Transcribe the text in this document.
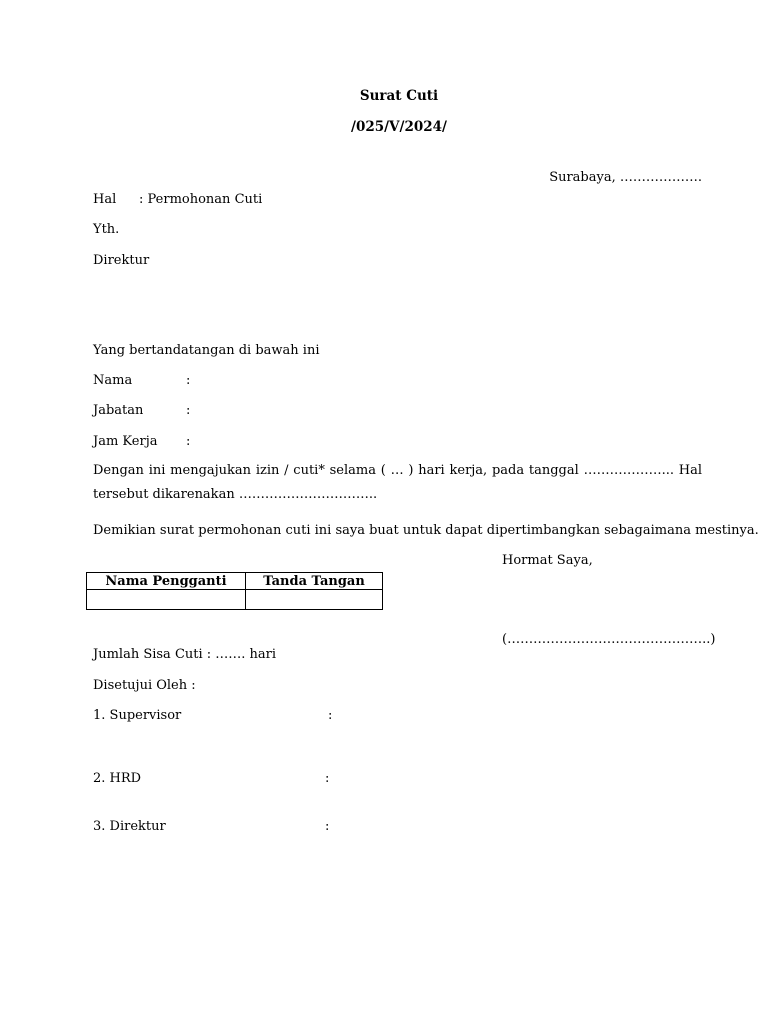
Surat Cuti
/025/V/2024/
Surabaya, ……………….
Hal : Permohonan Cuti
Yth.
Direktur
Yang bertandatangan di bawah ini
Nama	:
Jabatan	:
Jam Kerja :
Dengan ini mengajukan izin / cuti* selama ( … ) hari kerja, pada tanggal ………………... Hal tersebut dikarenakan …………………………..
Demikian surat permohonan cuti ini saya buat untuk dapat dipertimbangkan sebagaimana mestinya.
Hormat Saya,
Nama Pengganti	Tanda Tangan

(………………………………………..)
Jumlah Sisa Cuti : ……. hari
Disetujui Oleh :
1. Supervisor	:
2. HRD	:
3. Direktur	:
